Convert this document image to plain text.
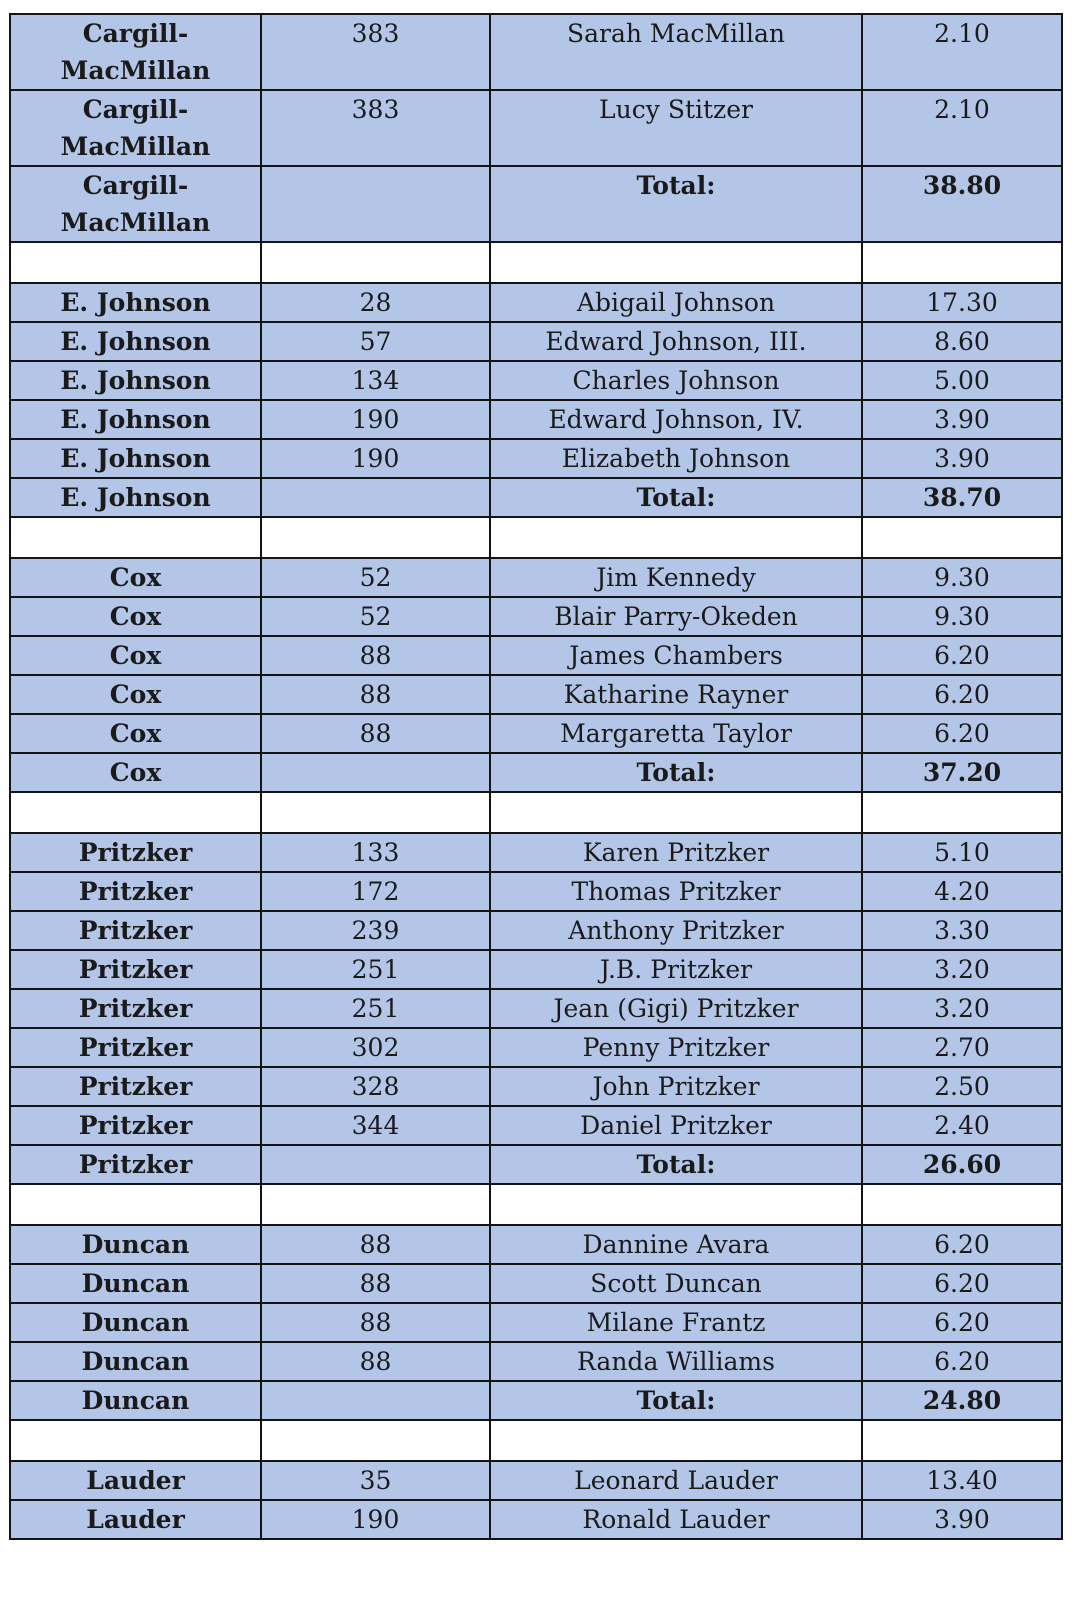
Cargill-MacMillan	383	Sarah MacMillan	2.10
Cargill-MacMillan	383	Lucy Stitzer	2.10
Cargill-MacMillan		Total:	38.80

E. Johnson	28	Abigail Johnson	17.30
E. Johnson	57	Edward Johnson, III.	8.60
E. Johnson	134	Charles Johnson	5.00
E. Johnson	190	Edward Johnson, IV.	3.90
E. Johnson	190	Elizabeth Johnson	3.90
E. Johnson		Total:	38.70

Cox	52	Jim Kennedy	9.30
Cox	52	Blair Parry-Okeden	9.30
Cox	88	James Chambers	6.20
Cox	88	Katharine Rayner	6.20
Cox	88	Margaretta Taylor	6.20
Cox		Total:	37.20

Pritzker	133	Karen Pritzker	5.10
Pritzker	172	Thomas Pritzker	4.20
Pritzker	239	Anthony Pritzker	3.30
Pritzker	251	J.B. Pritzker	3.20
Pritzker	251	Jean (Gigi) Pritzker	3.20
Pritzker	302	Penny Pritzker	2.70
Pritzker	328	John Pritzker	2.50
Pritzker	344	Daniel Pritzker	2.40
Pritzker		Total:	26.60

Duncan	88	Dannine Avara	6.20
Duncan	88	Scott Duncan	6.20
Duncan	88	Milane Frantz	6.20
Duncan	88	Randa Williams	6.20
Duncan		Total:	24.80

Lauder	35	Leonard Lauder	13.40
Lauder	190	Ronald Lauder	3.90
